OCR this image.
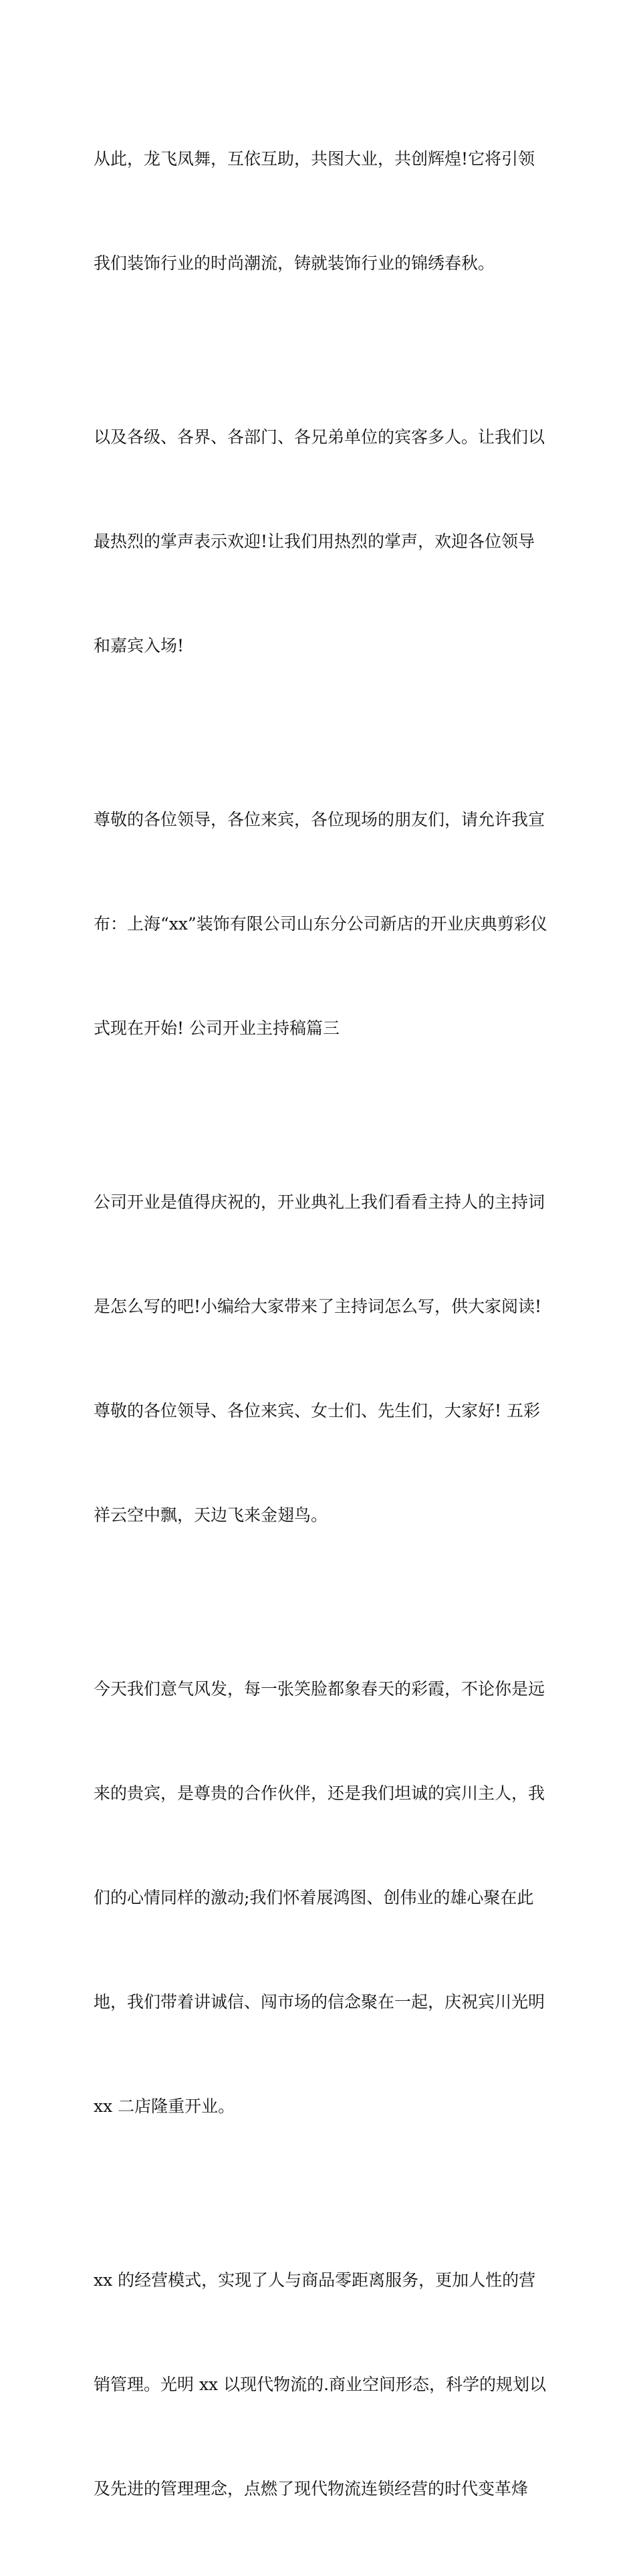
从此，龙飞凤舞，互依互助，共图大业，共创辉煌!它将引领

我们装饰行业的时尚潮流，铸就装饰行业的锦绣春秋。

以及各级、各界、各部门、各兄弟单位的宾客多人。让我们以

最热烈的掌声表示欢迎!让我们用热烈的掌声，欢迎各位领导

和嘉宾入场!

尊敬的各位领导，各位来宾，各位现场的朋友们，请允许我宣

布：上海“xx”装饰有限公司山东分公司新店的开业庆典剪彩仪

式现在开始! 公司开业主持稿篇三

公司开业是值得庆祝的，开业典礼上我们看看主持人的主持词

是怎么写的吧!小编给大家带来了主持词怎么写，供大家阅读!

尊敬的各位领导、各位来宾、女士们、先生们，大家好! 五彩

祥云空中飘，天边飞来金翅鸟。

今天我们意气风发，每一张笑脸都象春天的彩霞，不论你是远

来的贵宾，是尊贵的合作伙伴，还是我们坦诚的宾川主人，我

们的心情同样的激动;我们怀着展鸿图、创伟业的雄心聚在此

地，我们带着讲诚信、闯市场的信念聚在一起，庆祝宾川光明

xx 二店隆重开业。

xx 的经营模式，实现了人与商品零距离服务，更加人性的营

销管理。光明 xx 以现代物流的.商业空间形态，科学的规划以

及先进的管理理念，点燃了现代物流连锁经营的时代变革烽
